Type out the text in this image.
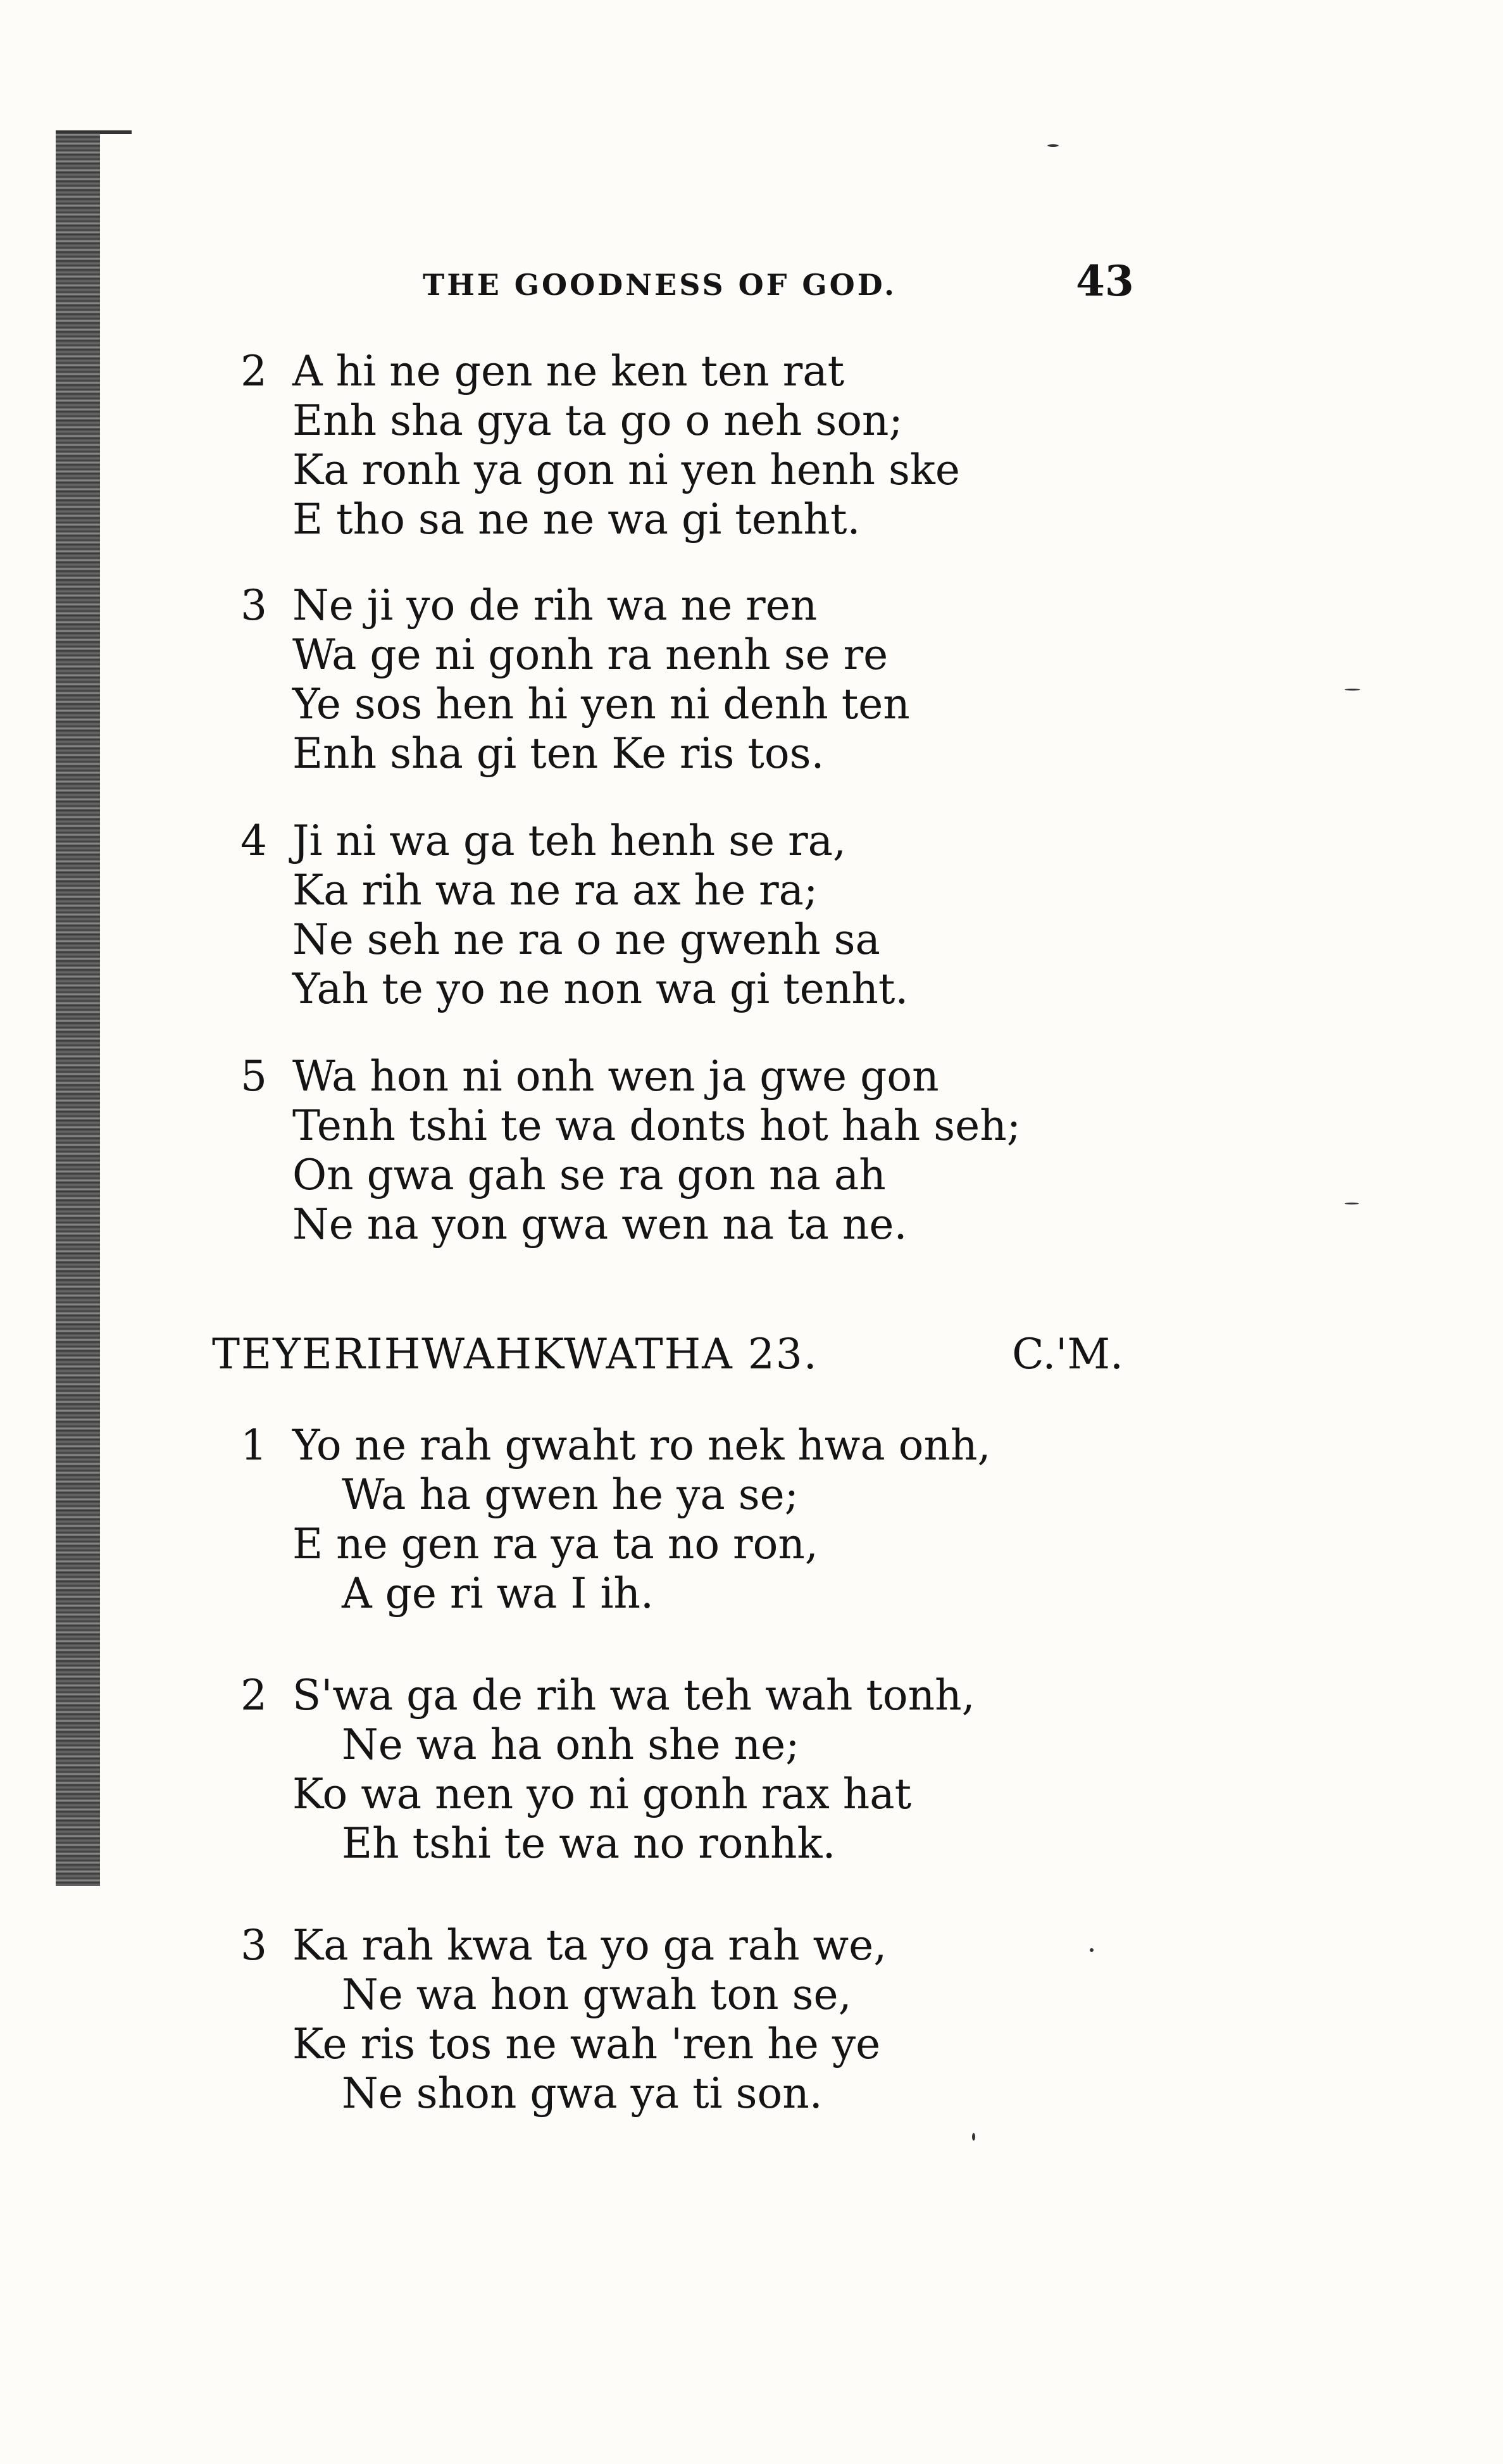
THE GOODNESS OF GOD.	43
2 A hi ne gen ne ken ten rat
Enh sha gya ta go o neh son;
Ka ronh ya gon ni yen henh ske
E tho sa ne ne wa gi tenht.
3 Ne ji yo de rih wa ne ren
Wa ge ni gonh ra nenh se re
Ye sos hen hi yen ni denh ten
Enh sha gi ten Ke ris tos.
4 Ji ni wa ga teh henh se ra,
Ka rih wa ne ra ax he ra;
Ne seh ne ra o ne gwenh sa
Yah te yo ne non wa gi tenht.
5 Wa hon ni onh wen ja gwe gon
Tenh tshi te wa donts hot hah seh;
On gwa gah se ra gon na ah
Ne na yon gwa wen na ta ne.
TEYERIHWAHKWATHA 23.	C.'M.
1 Yo ne rah gwaht ro nek hwa onh,
Wa ha gwen he ya se;
E ne gen ra ya ta no ron,
A ge ri wa I ih.
2 S'wa ga de rih wa teh wah tonh,
Ne wa ha onh she ne;
Ko wa nen yo ni gonh rax hat
Eh tshi te wa no ronhk.
3 Ka rah kwa ta yo ga rah we,
Ne wa hon gwah ton se,
Ke ris tos ne wah 'ren he ye
Ne shon gwa ya ti son.
